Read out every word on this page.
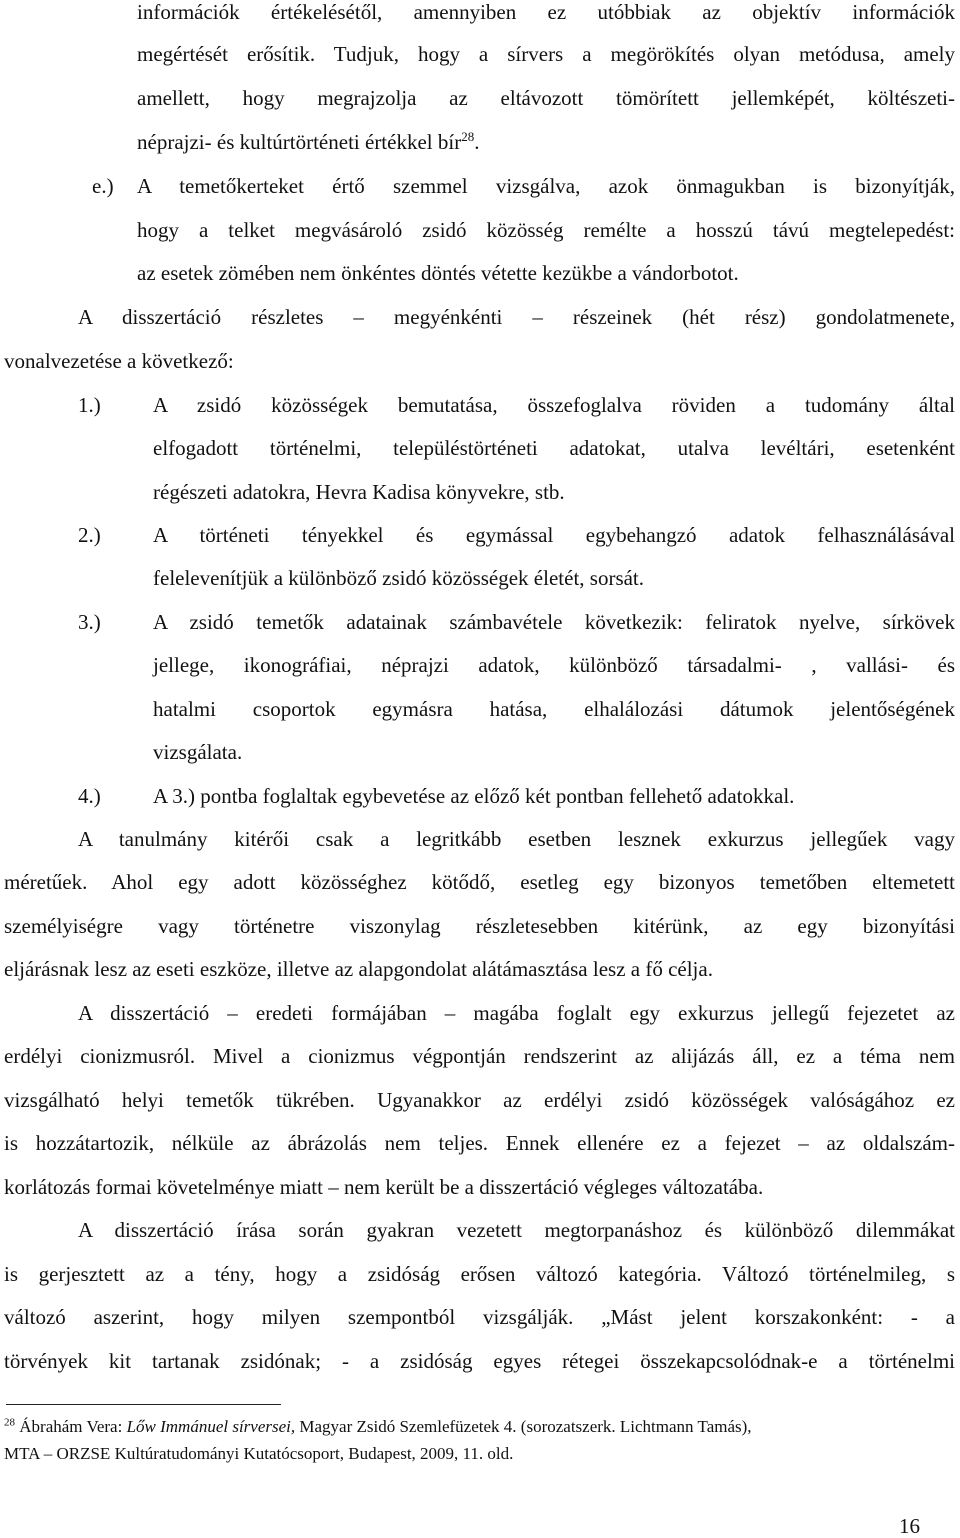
információk értékelésétől, amennyiben ez utóbbiak az objektív információk
megértését erősítik. Tudjuk, hogy a sírvers a megörökítés olyan metódusa, amely
amellett, hogy megrajzolja az eltávozott tömörített jellemképét, költészeti-
néprajzi- és kultúrtörténeti értékkel bír$^{28}$.
e.) A temetőkerteket értő szemmel vizsgálva, azok önmagukban is bizonyítják,
hogy a telket megvásároló zsidó közösség remélte a hosszú távú megtelepedést:
az esetek zömében nem önkéntes döntés vétette kezükbe a vándorbotot.
A disszertáció részletes – megyénkénti – részeinek (hét rész) gondolatmenete,
vonalvezetése a következő:
1.) A zsidó közösségek bemutatása, összefoglalva röviden a tudomány által
elfogadott történelmi, településtörténeti adatokat, utalva levéltári, esetenként
régészeti adatokra, Hevra Kadisa könyvekre, stb.
2.) A történeti tényekkel és egymással egybehangzó adatok felhasználásával
felelevenítjük a különböző zsidó közösségek életét, sorsát.
3.) A zsidó temetők adatainak számbavétele következik: feliratok nyelve, sírkövek
jellege, ikonográfiai, néprajzi adatok, különböző társadalmi- , vallási- és
hatalmi csoportok egymásra hatása, elhalálozási dátumok jelentőségének
vizsgálata.
4.) A 3.) pontba foglaltak egybevetése az előző két pontban fellehető adatokkal.
A tanulmány kitérői csak a legritkább esetben lesznek exkurzus jellegűek vagy
méretűek. Ahol egy adott közösséghez kötődő, esetleg egy bizonyos temetőben eltemetett
személyiségre vagy történetre viszonylag részletesebben kitérünk, az egy bizonyítási
eljárásnak lesz az eseti eszköze, illetve az alapgondolat alátámasztása lesz a fő célja.
A disszertáció – eredeti formájában – magába foglalt egy exkurzus jellegű fejezetet az
erdélyi cionizmusról. Mivel a cionizmus végpontján rendszerint az alijázás áll, ez a téma nem
vizsgálható helyi temetők tükrében. Ugyanakkor az erdélyi zsidó közösségek valóságához ez
is hozzátartozik, nélküle az ábrázolás nem teljes. Ennek ellenére ez a fejezet – az oldalszám-
korlátozás formai követelménye miatt – nem került be a disszertáció végleges változatába.
A disszertáció írása során gyakran vezetett megtorpanáshoz és különböző dilemmákat
is gerjesztett az a tény, hogy a zsidóság erősen változó kategória. Változó történelmileg, s
változó aszerint, hogy milyen szempontból vizsgálják. „Mást jelent korszakonként: - a
törvények kit tartanak zsidónak; - a zsidóság egyes rétegei összekapcsolódnak-e a történelmi
$^{28}$ Ábrahám Vera: Lőw Immánuel sírversei, Magyar Zsidó Szemlefüzetek 4. (sorozatszerk. Lichtmann Tamás),
MTA – ORZSE Kultúratudományi Kutatócsoport, Budapest, 2009, 11. old.
16
